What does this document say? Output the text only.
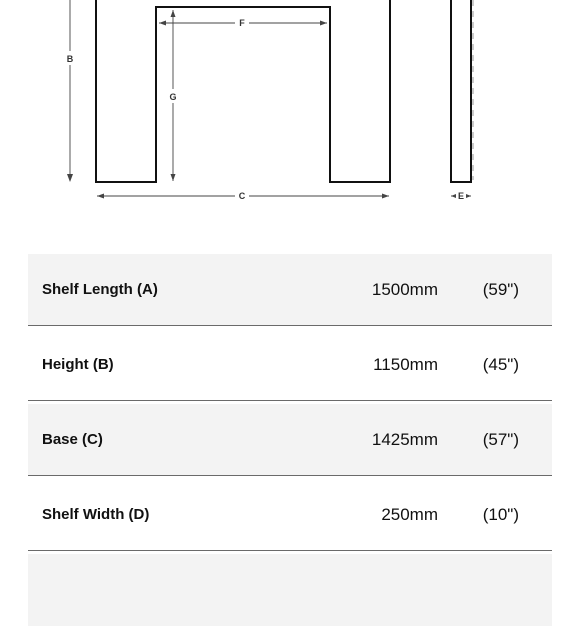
B
F
G
C	E
Shelf Length (A)	1500mm	(59")
Height (B)	1150mm	(45")
Base (C)	1425mm	(57")
Shelf Width (D)	250mm	(10")
